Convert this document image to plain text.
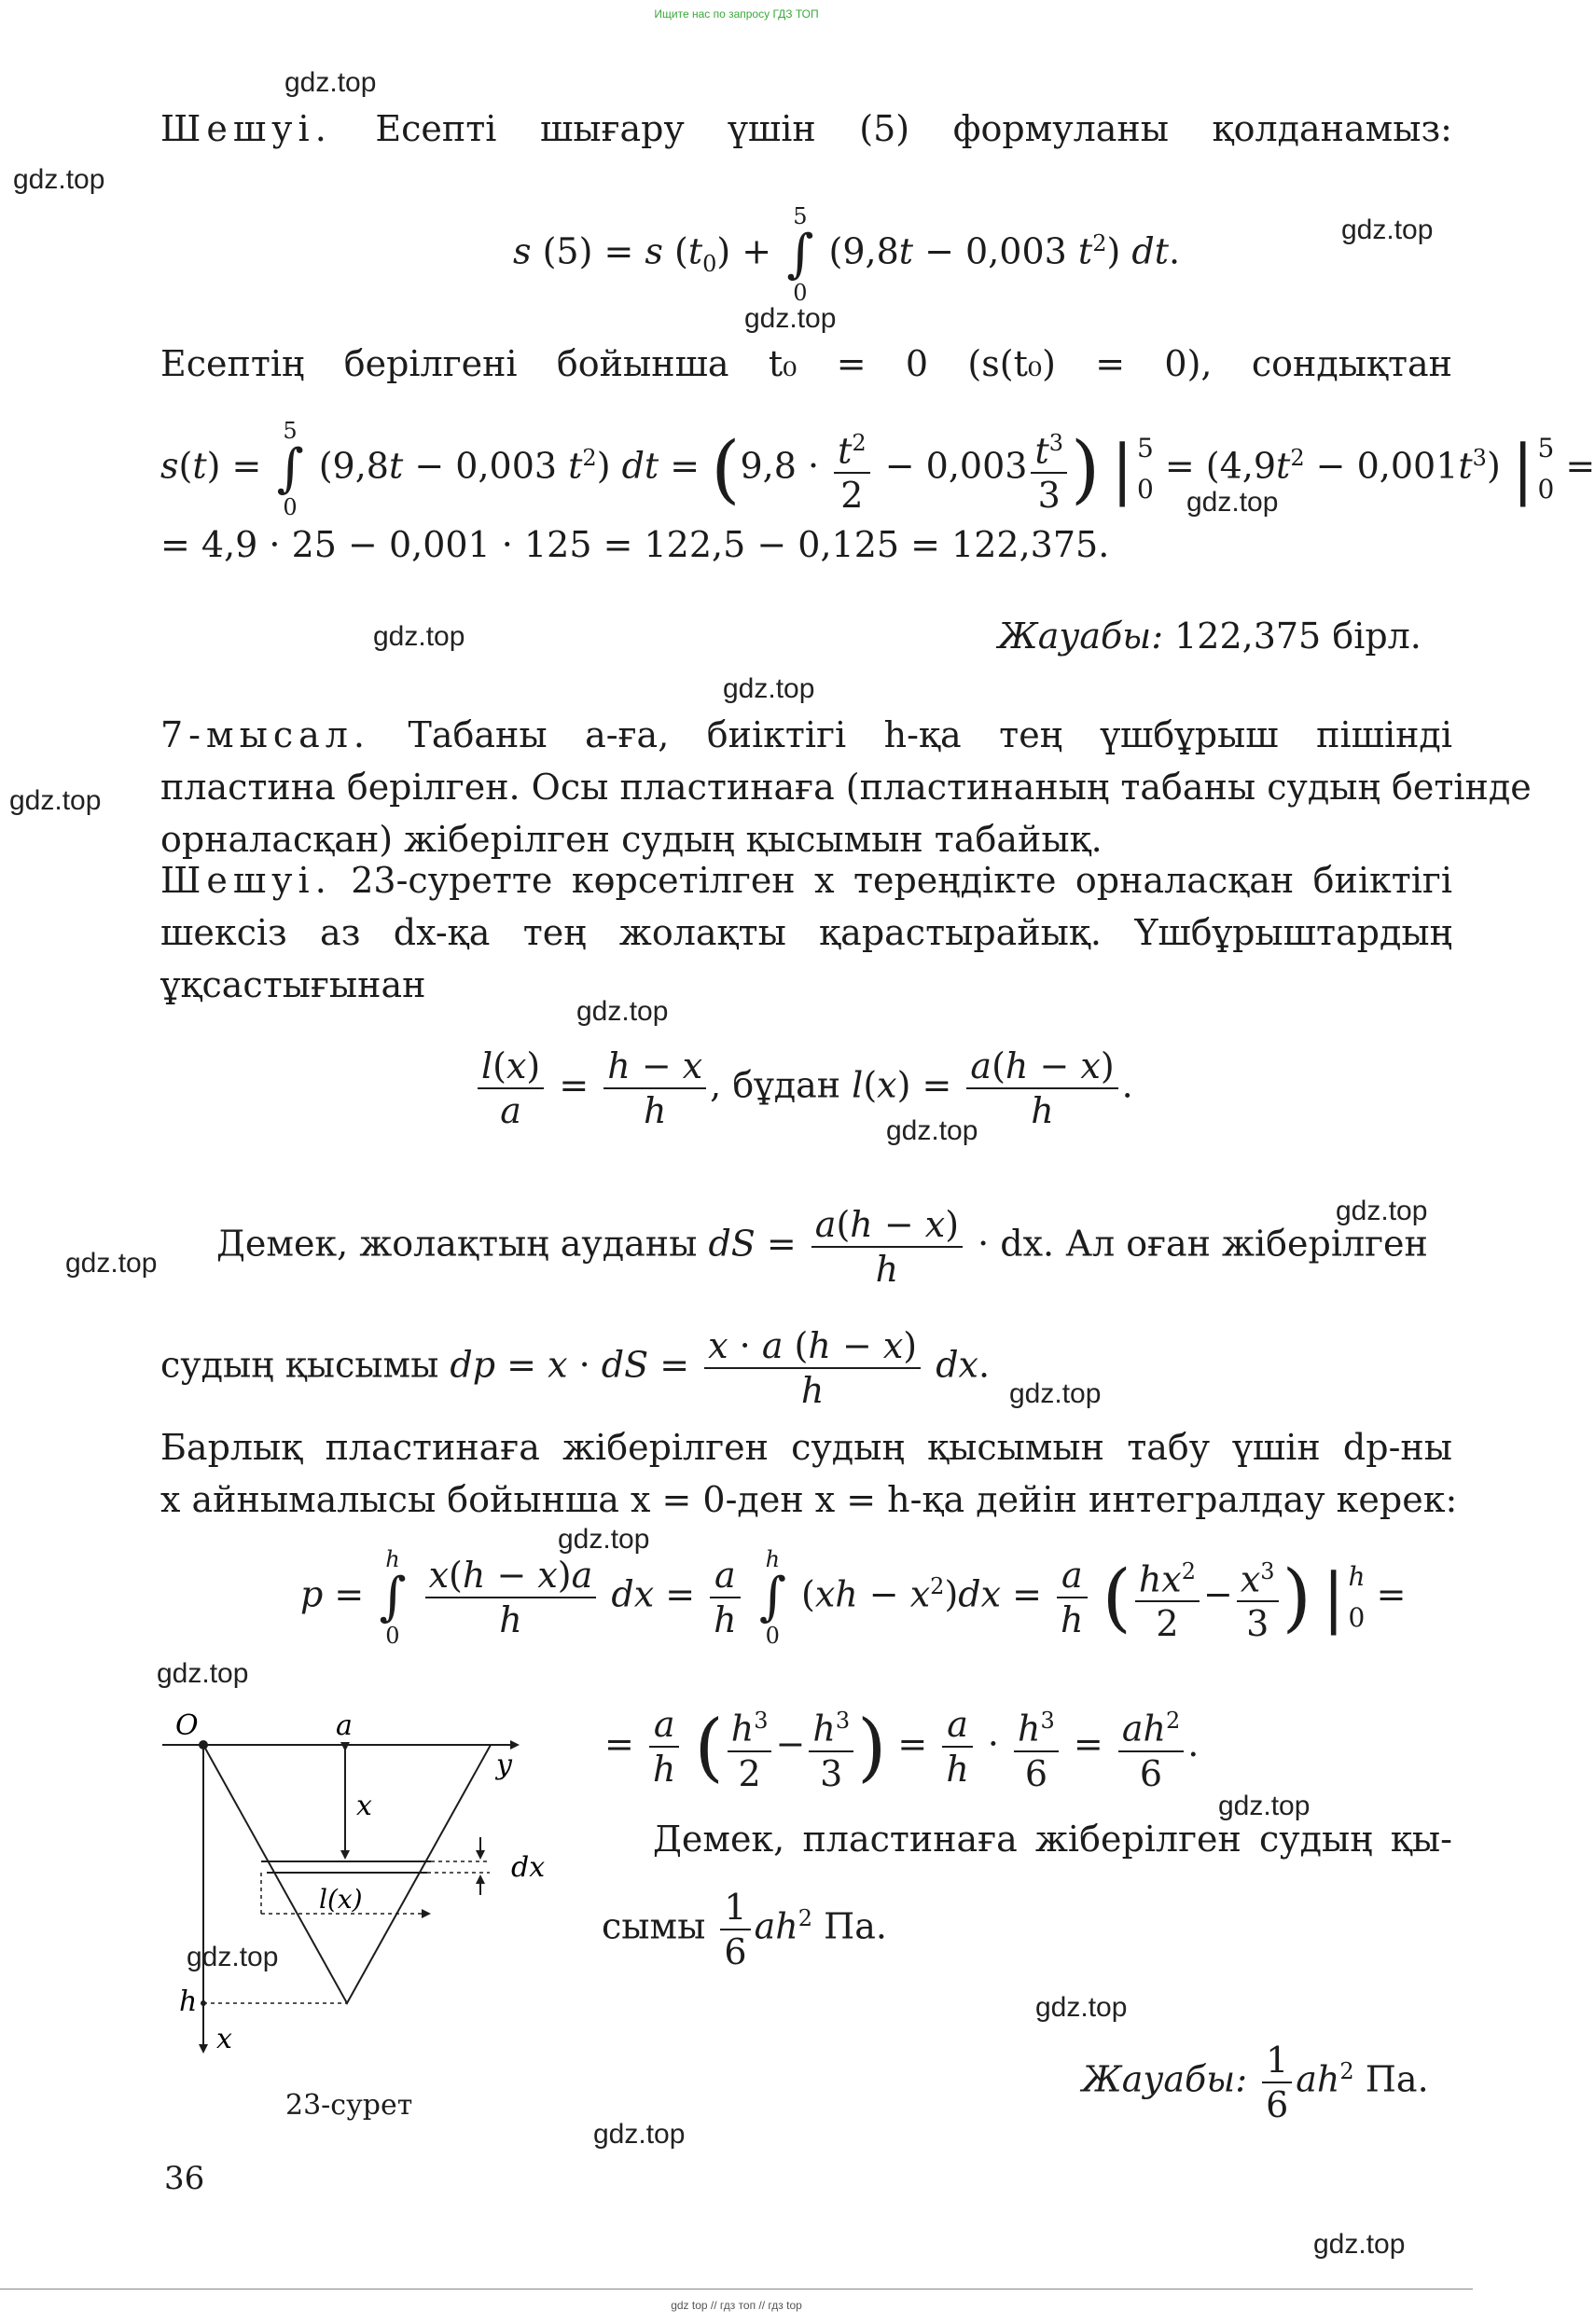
Ищите нас по запросу ГДЗ ТОП
gdz top // гдз топ // гдз top
gdz.top
gdz.top
gdz.top
gdz.top
gdz.top
gdz.top
gdz.top
gdz.top
gdz.top
gdz.top
gdz.top
gdz.top
gdz.top
gdz.top
gdz.top
gdz.top
gdz.top
gdz.top
gdz.top
gdz.top
Шешуі. Есепті шығару үшін (5) формуланы қолданамыз:
s (5) = s $(t_0) + 5$
∫
0 (9,8t − 0,003 $t^2$) dt.
Есептің берілгені бойынша t₀ = 0 (s(t₀) = 0), сондықтан
s(t) = 5
∫
0 (9,8t − 0,003 $t^2$) dt = ($9,8 \cdot \frac{t^2}{2} - 0,003 \frac{t^3}{3}$ ) | 5
0
= $(4,9t^2 - 0,001t^3)$ | 5
0
=
= 4,9 · 25 − 0,001 · 125 = 122,5 − 0,125 = 122,375.
Жауабы: 122,375 бірл.
7-мысал. Табаны a-ға, биіктігі h-қа тең үшбұрыш пішінді
пластина берілген. Осы пластинаға (пластинаның табаны судың бетінде
орналасқан) жіберілген судың қысымын табайық.
Шешуі. 23-суретте көрсетілген x тереңдікте орналасқан биіктігі
шексіз аз dx-қа тең жолақты қарастырайық. Үшбұрыштардың
ұқсастығынан
$\frac{l(x)}{a} = \frac{h - x}{h}$ , бұдан $l(x) = \frac{a(h - x)}{h}$ .
Демек, жолақтың ауданы dS = $\frac{a(h - x)}{h}$ · dx. Ал оған жіберілген
судың қысымы dp = x · dS = $\frac{x \cdot a (h - x)}{h}$ dx.
Барлық пластинаға жіберілген судың қысымын табу үшін dp-ны
x айнымалысы бойынша x = 0-ден x = h-қа дейін интегралдау керек:
p = h
∫
$0 \frac{x(h - x)a}{h}$ dx = $\frac{a}{h}$ h
∫
0 $(xh - x^2)dx = \frac{a}{h}$ ( $\frac{hx^2}{2} - \frac{x^3}{3}$ ) | h
0
=
= $\frac{a}{h}$ ( $\frac{h^3}{2} - \frac{h^3}{3}$ ) = $\frac{a}{h} \cdot \frac{h^3}{6} = \frac{ah^2}{6}$ .
Демек, пластинаға жіберілген судың қы-
сымы $\frac{1}{6} ah^2$ Па.
Жауабы: $\frac{1}{6} ah^2$ Па.
O	a
y
x
dx
l(x)
h
x
23-сурет
36
